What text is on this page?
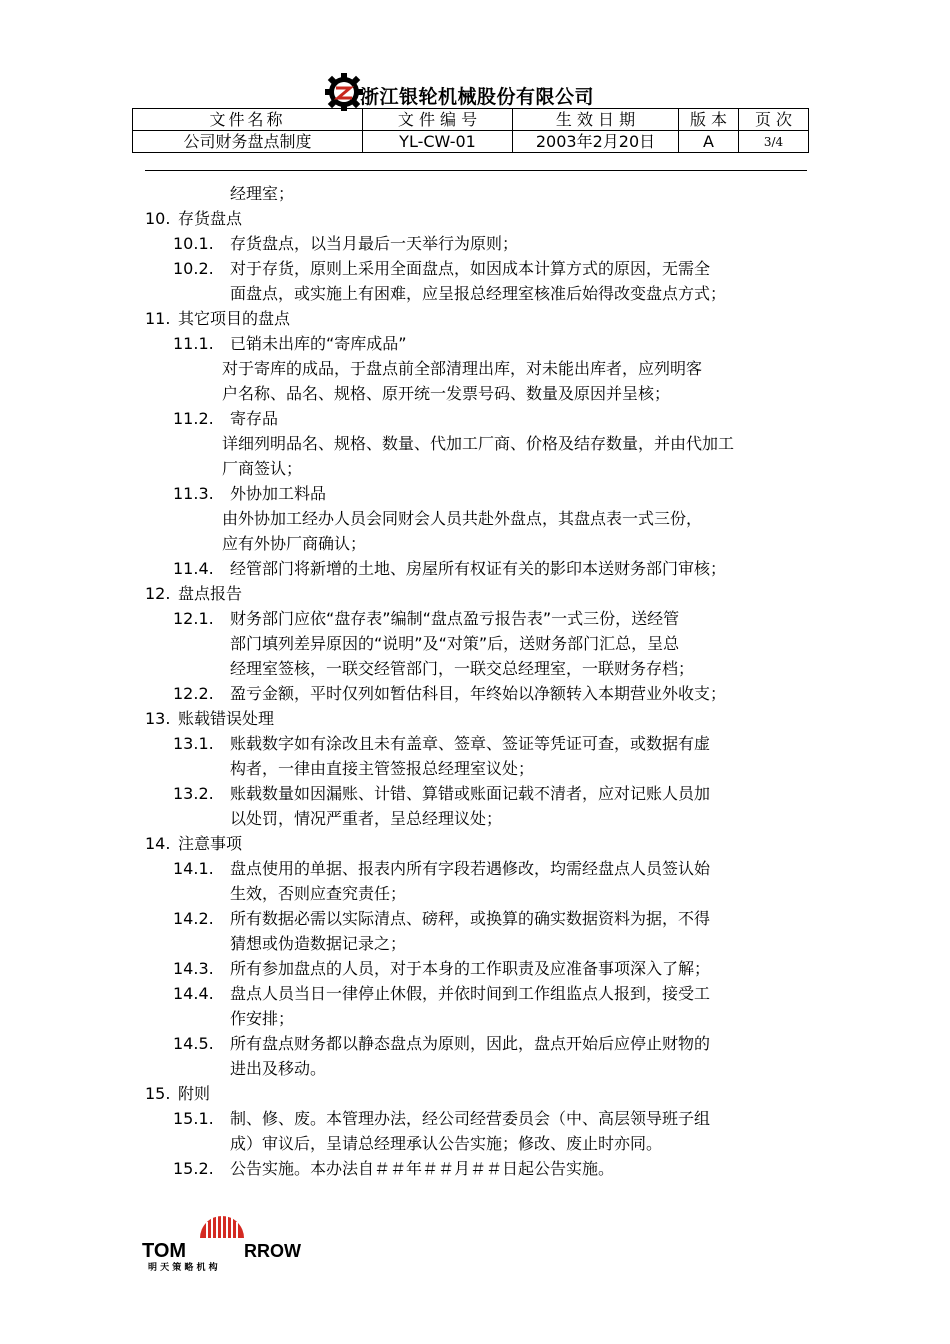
浙江银轮机械股份有限公司
文件名称	文 件 编 号	生 效 日 期	版 本	页 次
公司财务盘点制度	YL-CW-01	2003年2月20日	A	3/4
经理室；
10. 存货盘点
10.1. 存货盘点，以当月最后一天举行为原则；
10.2. 对于存货，原则上采用全面盘点，如因成本计算方式的原因，无需全
面盘点，或实施上有困难，应呈报总经理室核准后始得改变盘点方式；
11. 其它项目的盘点
11.1. 已销未出库的“寄库成品”
对于寄库的成品，于盘点前全部清理出库，对未能出库者，应列明客
户名称、品名、规格、原开统一发票号码、数量及原因并呈核；
11.2. 寄存品
详细列明品名、规格、数量、代加工厂商、价格及结存数量，并由代加工
厂商签认；
11.3. 外协加工料品
由外协加工经办人员会同财会人员共赴外盘点，其盘点表一式三份，
应有外协厂商确认；
11.4. 经管部门将新增的土地、房屋所有权证有关的影印本送财务部门审核；
12. 盘点报告
12.1. 财务部门应依“盘存表”编制“盘点盈亏报告表”一式三份，送经管
部门填列差异原因的“说明”及“对策”后，送财务部门汇总，呈总
经理室签核，一联交经管部门，一联交总经理室，一联财务存档；
12.2. 盈亏金额，平时仅列如暂估科目，年终始以净额转入本期营业外收支；
13. 账载错误处理
13.1. 账载数字如有涂改且未有盖章、签章、签证等凭证可查，或数据有虚
构者，一律由直接主管签报总经理室议处；
13.2. 账载数量如因漏账、计错、算错或账面记载不清者，应对记账人员加
以处罚，情况严重者，呈总经理议处；
14. 注意事项
14.1. 盘点使用的单据、报表内所有字段若遇修改，均需经盘点人员签认始
生效，否则应查究责任；
14.2. 所有数据必需以实际清点、磅秤，或换算的确实数据资料为据，不得
猜想或伪造数据记录之；
14.3. 所有参加盘点的人员，对于本身的工作职责及应准备事项深入了解；
14.4. 盘点人员当日一律停止休假，并依时间到工作组监点人报到，接受工
作安排；
14.5. 所有盘点财务都以静态盘点为原则，因此，盘点开始后应停止财物的
进出及移动。
15. 附则
15.1. 制、修、废。本管理办法，经公司经营委员会（中、高层领导班子组
成）审议后，呈请总经理承认公告实施；修改、废止时亦同。
15.2. 公告实施。本办法自＃＃年＃＃月＃＃日起公告实施。
TOM	RROW
明 天 策 略 机 构
